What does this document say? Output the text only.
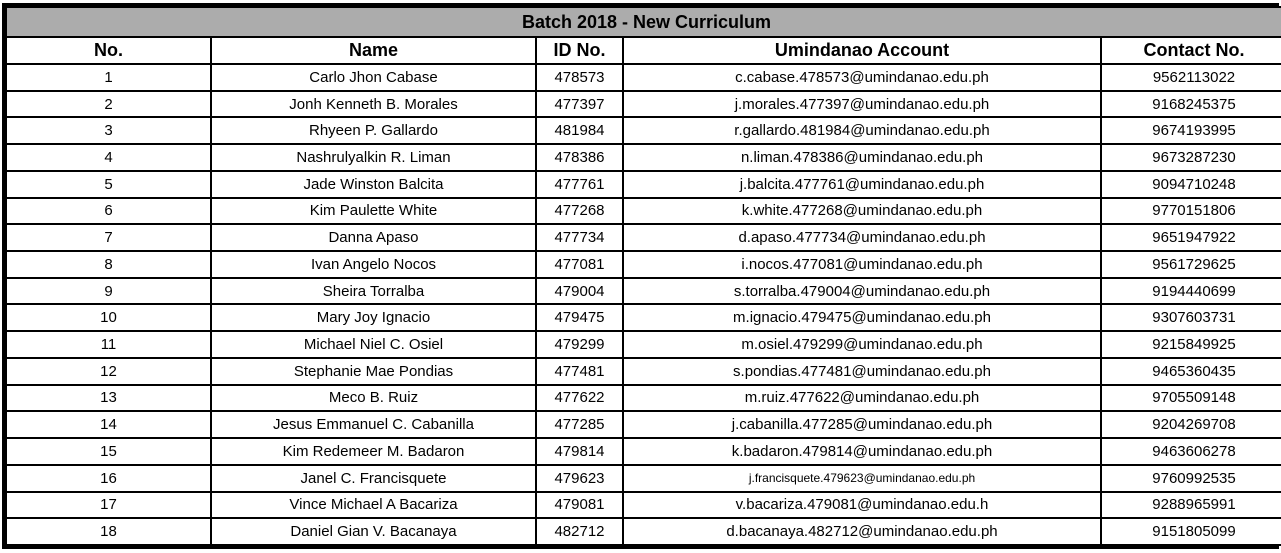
Batch 2018 - New Curriculum				
No.	Name	ID No.	Umindanao Account	Contact No.
1	Carlo Jhon Cabase	478573	c.cabase.478573@umindanao.edu.ph	9562113022
2	Jonh Kenneth B. Morales	477397	j.morales.477397@umindanao.edu.ph	9168245375
3	Rhyeen P. Gallardo	481984	r.gallardo.481984@umindanao.edu.ph	9674193995
4	Nashrulyalkin R. Liman	478386	n.liman.478386@umindanao.edu.ph	9673287230
5	Jade Winston Balcita	477761	j.balcita.477761@umindanao.edu.ph	9094710248
6	Kim Paulette White	477268	k.white.477268@umindanao.edu.ph	9770151806
7	Danna Apaso	477734	d.apaso.477734@umindanao.edu.ph	9651947922
8	Ivan Angelo Nocos	477081	i.nocos.477081@umindanao.edu.ph	9561729625
9	Sheira Torralba	479004	s.torralba.479004@umindanao.edu.ph	9194440699
10	Mary Joy Ignacio	479475	m.ignacio.479475@umindanao.edu.ph	9307603731
11	Michael Niel C. Osiel	479299	m.osiel.479299@umindanao.edu.ph	9215849925
12	Stephanie Mae Pondias	477481	s.pondias.477481@umindanao.edu.ph	9465360435
13	Meco B. Ruiz	477622	m.ruiz.477622@umindanao.edu.ph	9705509148
14	Jesus Emmanuel C. Cabanilla	477285	j.cabanilla.477285@umindanao.edu.ph	9204269708
15	Kim Redemeer M. Badaron	479814	k.badaron.479814@umindanao.edu.ph	9463606278
16	Janel C. Francisquete	479623	j.francisquete.479623@umindanao.edu.ph	9760992535
17	Vince Michael A Bacariza	479081	v.bacariza.479081@umindanao.edu.h	9288965991
18	Daniel Gian V. Bacanaya	482712	d.bacanaya.482712@umindanao.edu.ph	9151805099
